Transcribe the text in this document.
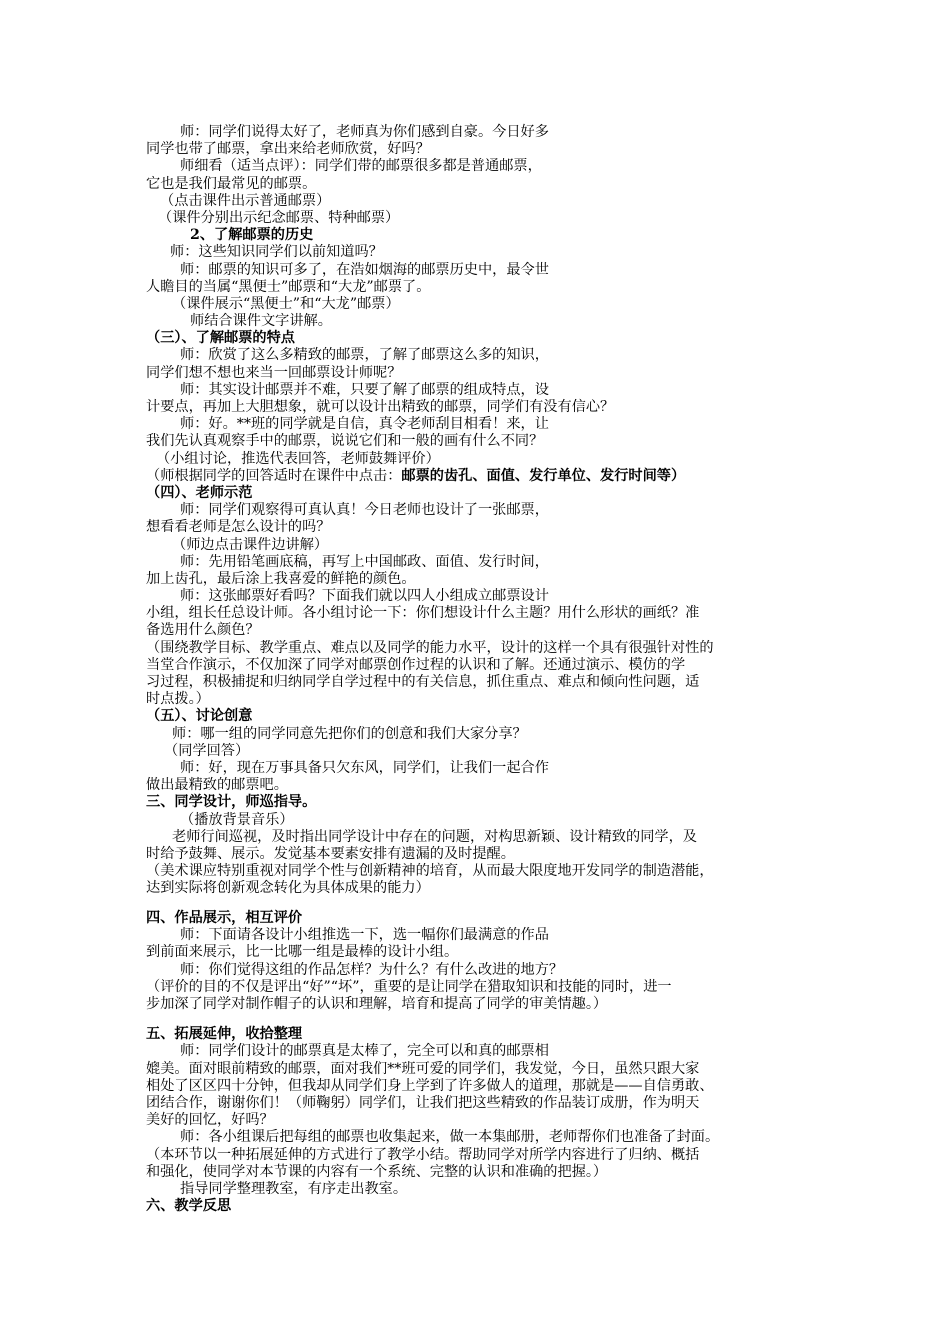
师：同学们说得太好了，老师真为你们感到自豪。今日好多
同学也带了邮票，拿出来给老师欣赏，好吗？
师细看（适当点评）：同学们带的邮票很多都是普通邮票，
它也是我们最常见的邮票。
（点击课件出示普通邮票）
（课件分别出示纪念邮票、特种邮票）
2、了解邮票的历史
师：这些知识同学们以前知道吗？
师：邮票的知识可多了，在浩如烟海的邮票历史中，最令世
人瞻目的当属“黑便士”邮票和“大龙”邮票了。
（课件展示“黑便士”和“大龙”邮票）
师结合课件文字讲解。
（三）、了解邮票的特点
师：欣赏了这么多精致的邮票，了解了邮票这么多的知识，
同学们想不想也来当一回邮票设计师呢？
师：其实设计邮票并不难，只要了解了邮票的组成特点，设
计要点，再加上大胆想象，就可以设计出精致的邮票，同学们有没有信心？
师：好。**班的同学就是自信，真令老师刮目相看！来，让
我们先认真观察手中的邮票，说说它们和一般的画有什么不同？
（小组讨论，推选代表回答，老师鼓舞评价）
（师根据同学的回答适时在课件中点击：邮票的齿孔、面值、发行单位、发行时间等）
（四）、老师示范
师：同学们观察得可真认真！今日老师也设计了一张邮票，
想看看老师是怎么设计的吗？
（师边点击课件边讲解）
师：先用铅笔画底稿，再写上中国邮政、面值、发行时间，
加上齿孔，最后涂上我喜爱的鲜艳的颜色。
师：这张邮票好看吗？下面我们就以四人小组成立邮票设计
小组，组长任总设计师。各小组讨论一下：你们想设计什么主题？用什么形状的画纸？准
备选用什么颜色？
（围绕教学目标、教学重点、难点以及同学的能力水平，设计的这样一个具有很强针对性的
当堂合作演示，不仅加深了同学对邮票创作过程的认识和了解。还通过演示、模仿的学
习过程，积极捕捉和归纳同学自学过程中的有关信息，抓住重点、难点和倾向性问题，适
时点拨。）
（五）、讨论创意
师：哪一组的同学同意先把你们的创意和我们大家分享？
（同学回答）
师：好，现在万事具备只欠东风，同学们，让我们一起合作
做出最精致的邮票吧。
三、同学设计，师巡指导。
（播放背景音乐）
老师行间巡视，及时指出同学设计中存在的问题，对构思新颖、设计精致的同学，及
时给予鼓舞、展示。发觉基本要素安排有遗漏的及时提醒。
（美术课应特别重视对同学个性与创新精神的培育，从而最大限度地开发同学的制造潜能，
达到实际将创新观念转化为具体成果的能力）
四、作品展示，相互评价
师：下面请各设计小组推选一下，选一幅你们最满意的作品
到前面来展示，比一比哪一组是最棒的设计小组。
师：你们觉得这组的作品怎样？为什么？有什么改进的地方？
（评价的目的不仅是评出“好”“坏”，重要的是让同学在猎取知识和技能的同时，进一
步加深了同学对制作帽子的认识和理解，培育和提高了同学的审美情趣。）
五、拓展延伸，收拾整理
师：同学们设计的邮票真是太棒了，完全可以和真的邮票相
媲美。面对眼前精致的邮票，面对我们**班可爱的同学们，我发觉，今日，虽然只跟大家
相处了区区四十分钟，但我却从同学们身上学到了许多做人的道理，那就是——自信勇敢、
团结合作，谢谢你们！（师鞠躬）同学们，让我们把这些精致的作品装订成册，作为明天
美好的回忆，好吗？
师：各小组课后把每组的邮票也收集起来，做一本集邮册，老师帮你们也准备了封面。
（本环节以一种拓展延伸的方式进行了教学小结。帮助同学对所学内容进行了归纳、概括
和强化，使同学对本节课的内容有一个系统、完整的认识和准确的把握。）
指导同学整理教室，有序走出教室。
六、教学反思
